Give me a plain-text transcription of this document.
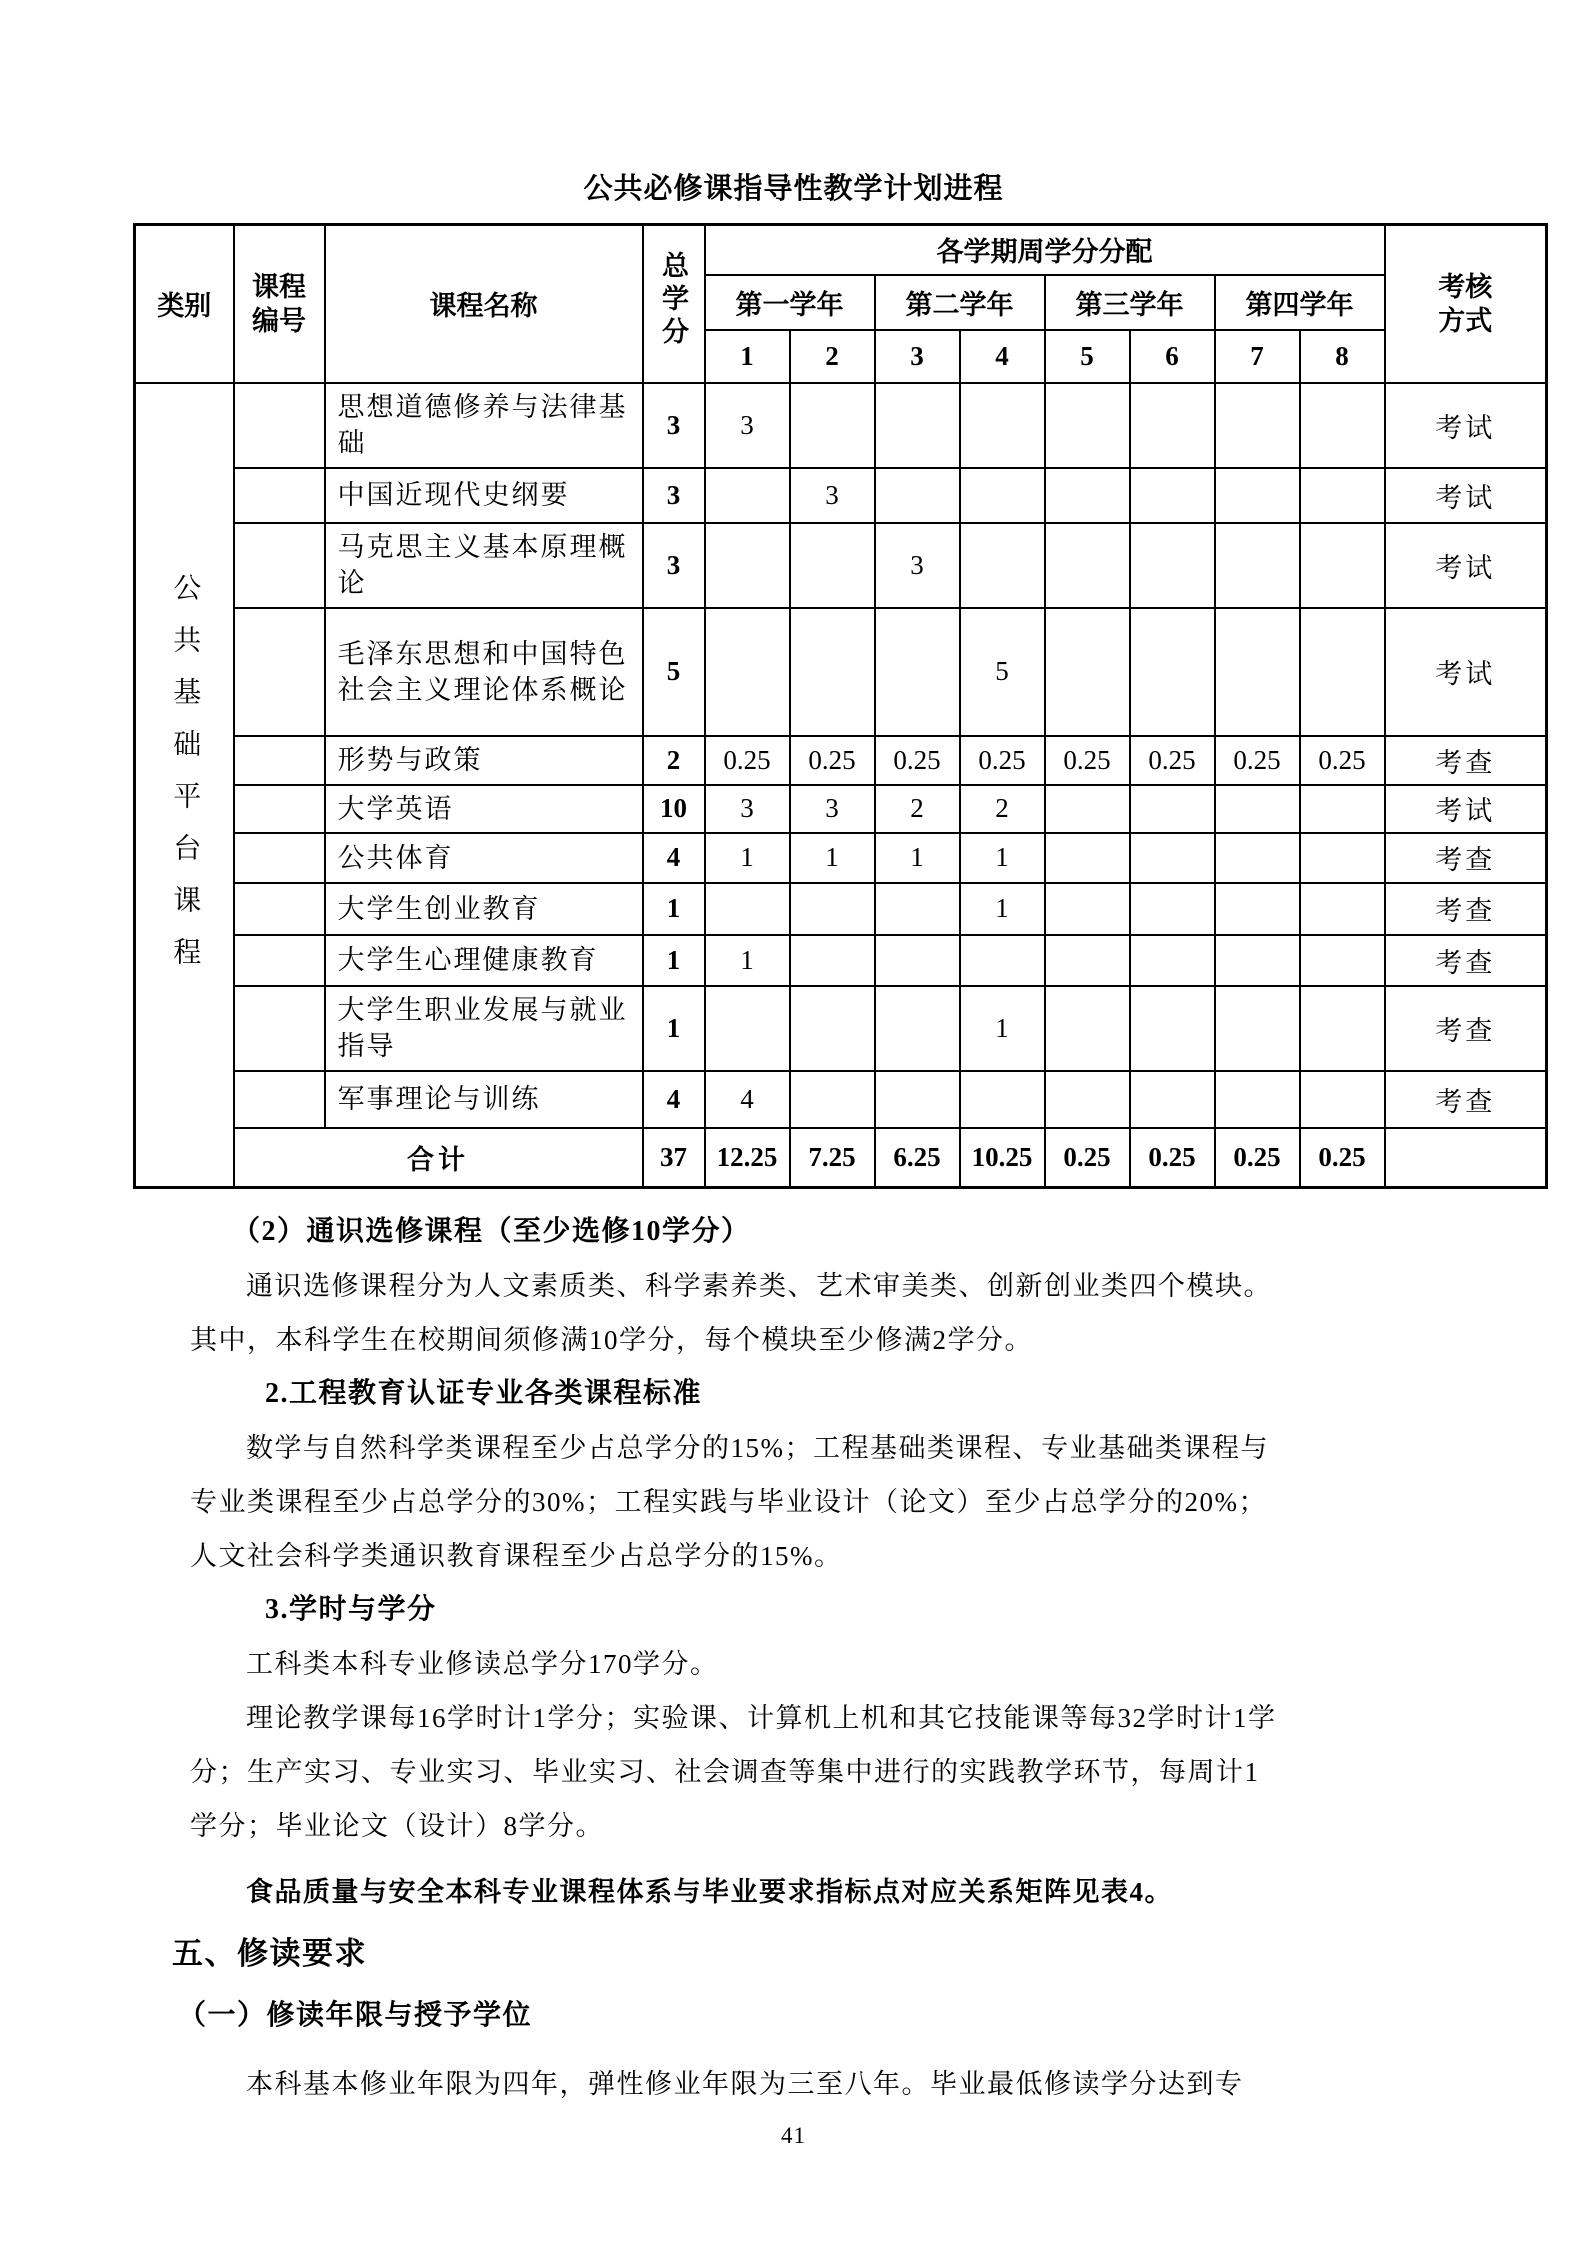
公共必修课指导性教学计划进程
类别	课程编号	课程名称	总学分	各学期周学分分配								考核方式
				第一学年		第二学年		第三学年		第四学年		
				1	2	3	4	5	6	7	8	
公共基础平台课程		思想道德修养与法律基础	3	3								考试
		中国近现代史纲要	3		3							考试
		马克思主义基本原理概论	3			3						考试
		毛泽东思想和中国特色社会主义理论体系概论	5				5					考试
		形势与政策	2	0.25	0.25	0.25	0.25	0.25	0.25	0.25	0.25	考查
		大学英语	10	3	3	2	2					考试
		公共体育	4	1	1	1	1					考查
		大学生创业教育	1				1					考查
		大学生心理健康教育	1	1								考查
		大学生职业发展与就业指导	1				1					考查
		军事理论与训练	4	4								考查
	合计		37	12.25	7.25	6.25	10.25	0.25	0.25	0.25	0.25	

（2）通识选修课程（至少选修10学分）

通识选修课程分为人文素质类、科学素养类、艺术审美类、创新创业类四个模块。

其中，本科学生在校期间须修满10学分，每个模块至少修满2学分。

2.工程教育认证专业各类课程标准

数学与自然科学类课程至少占总学分的15%；工程基础类课程、专业基础类课程与

专业类课程至少占总学分的30%；工程实践与毕业设计（论文）至少占总学分的20%；

人文社会科学类通识教育课程至少占总学分的15%。

3.学时与学分

工科类本科专业修读总学分170学分。

理论教学课每16学时计1学分；实验课、计算机上机和其它技能课等每32学时计1学

分；生产实习、专业实习、毕业实习、社会调查等集中进行的实践教学环节，每周计1

学分；毕业论文（设计）8学分。

食品质量与安全本科专业课程体系与毕业要求指标点对应关系矩阵见表4。

五、修读要求

（一）修读年限与授予学位

本科基本修业年限为四年，弹性修业年限为三至八年。毕业最低修读学分达到专

41
